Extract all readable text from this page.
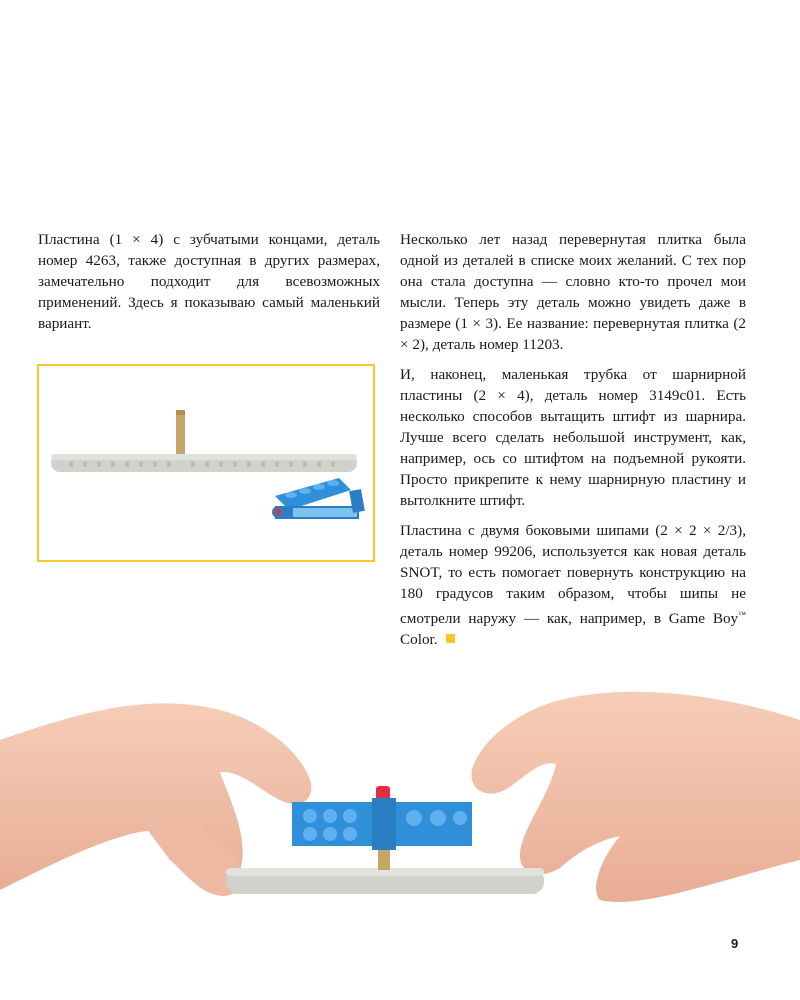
Пластина (1 × 4) с зубчатыми концами, деталь номер 4263, также доступная в других размерах, замечательно подходит для всевозможных применений. Здесь я показываю самый маленький вариант.

Несколько лет назад перевернутая плитка была одной из деталей в списке моих желаний. С тех пор она стала доступна — словно кто-то прочел мои мысли. Теперь эту деталь можно увидеть даже в размере (1 × 3). Ее название: перевернутая плитка (2 × 2), деталь номер 11203.

И, наконец, маленькая трубка от шарнирной пластины (2 × 4), деталь номер 3149c01. Есть несколько способов вытащить штифт из шарнира. Лучше всего сделать небольшой инструмент, как, например, ось со штифтом на подъемной рукояти. Просто прикрепите к нему шарнирную пластину и вытолкните штифт.

Пластина с двумя боковыми шипами (2 × 2 × 2/3), деталь номер 99206, используется как новая деталь SNOT, то есть помогает повернуть конструкцию на 180 градусов таким образом, чтобы шипы не смотрели наружу — как, например, в Game Boy™ Color.

9
